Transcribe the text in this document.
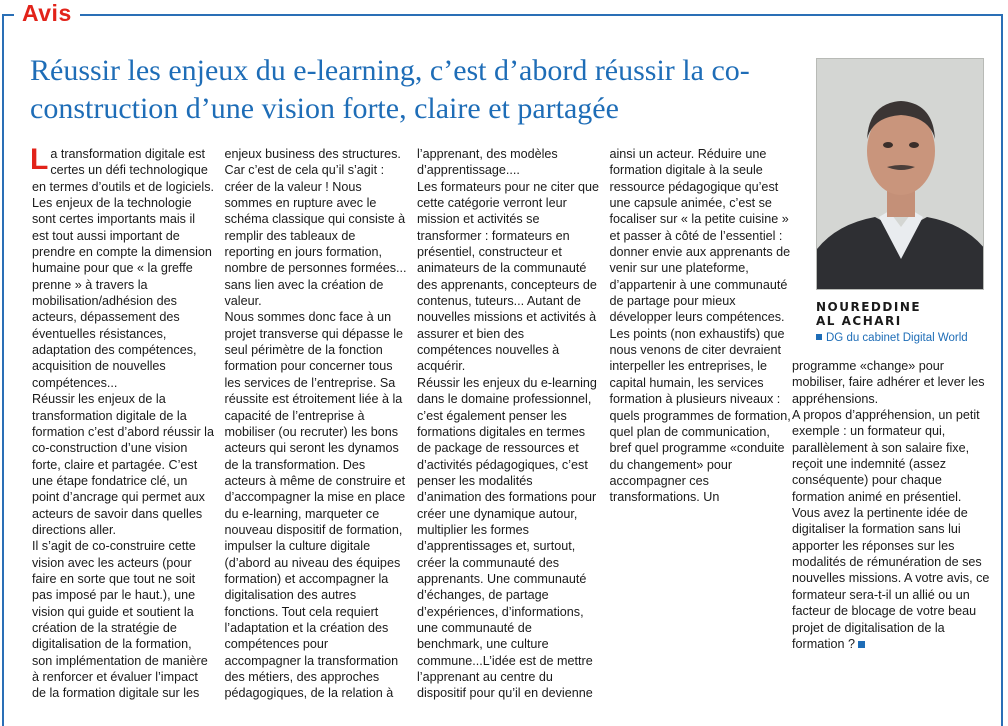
Avis
Réussir les enjeux du e-learning, c’est d’abord réussir la co-construction d’une vision forte, claire et partagée

La transformation digitale est certes un défi technologique en termes d’outils et de logiciels. Les enjeux de la technologie sont certes importants mais il est tout aussi important de prendre en compte la dimension humaine pour que « la greffe prenne » à travers la mobilisation/adhésion des acteurs, dépassement des éventuelles résistances, adaptation des compétences, acquisition de nouvelles compétences...

Réussir les enjeux de la transformation digitale de la formation c’est d’abord réussir la co-construction d’une vision forte, claire et partagée. C’est une étape fondatrice clé, un point d’ancrage qui permet aux acteurs de savoir dans quelles directions aller.

Il s’agit de co-construire cette vision avec les acteurs (pour faire en sorte que tout ne soit pas imposé par le haut.), une vision qui guide et soutient la création de la stratégie de digitalisation de la formation, son implémentation de manière à renforcer et évaluer l’impact de la formation digitale sur les enjeux business des structures. Car c’est de cela qu’il s’agit : créer de la valeur ! Nous sommes en rupture avec le schéma classique qui consiste à remplir des tableaux de reporting en jours formation, nombre de personnes formées... sans lien avec la création de valeur.

Nous sommes donc face à un projet transverse qui dépasse le seul périmètre de la fonction formation pour concerner tous les services de l’entreprise. Sa réussite est étroitement liée à la capacité de l’entreprise à mobiliser (ou recruter) les bons acteurs qui seront les dynamos de la transformation. Des acteurs à même de construire et d’accompagner la mise en place du e-learning, marqueter ce nouveau dispositif de formation, impulser la culture digitale (d’abord au niveau des équipes formation) et accompagner la digitalisation des autres fonctions. Tout cela requiert l’adaptation et la création des compétences pour accompagner la transformation des métiers, des approches pédagogiques, de la relation à l’apprenant, des modèles d’apprentissage....

Les formateurs pour ne citer que cette catégorie verront leur mission et activités se transformer : formateurs en présentiel, constructeur et animateurs de la communauté des apprenants, concepteurs de contenus, tuteurs... Autant de nouvelles missions et activités à assurer et bien des compétences nouvelles à acquérir.

Réussir les enjeux du e-learning dans le domaine professionnel, c’est également penser les formations digitales en termes de package de ressources et d’activités pédagogiques, c’est penser les modalités d’animation des formations pour créer une dynamique autour, multiplier les formes d’apprentissages et, surtout, créer la communauté des apprenants. Une communauté d’échanges, de partage d’expériences, d’informations, une communauté de benchmark, une culture commune...L’idée est de mettre l’apprenant au centre du dispositif pour qu’il en devienne ainsi un acteur. Réduire une formation digitale à la seule ressource pédagogique qu’est une capsule animée, c’est se focaliser sur « la petite cuisine » et passer à côté de l’essentiel : donner envie aux apprenants de venir sur une plateforme, d’appartenir à une communauté de partage pour mieux développer leurs compétences.

Les points (non exhaustifs) que nous venons de citer devraient interpeller les entreprises, le capital humain, les services formation à plusieurs niveaux : quels programmes de formation, quel plan de communication, bref quel programme «conduite du changement» pour accompagner ces transformations. Un

NOUREDDINE
AL ACHARI
DG du cabinet Digital World

programme «change» pour mobiliser, faire adhérer et lever les appréhensions.

A propos d’appréhension, un petit exemple : un formateur qui, parallèlement à son salaire fixe, reçoit une indemnité (assez conséquente) pour chaque formation animé en présentiel. Vous avez la pertinente idée de digitaliser la formation sans lui apporter les réponses sur les modalités de rémunération de ses nouvelles missions. A votre avis, ce formateur sera-t-il un allié ou un facteur de blocage de votre beau projet de digitalisation de la formation ?
